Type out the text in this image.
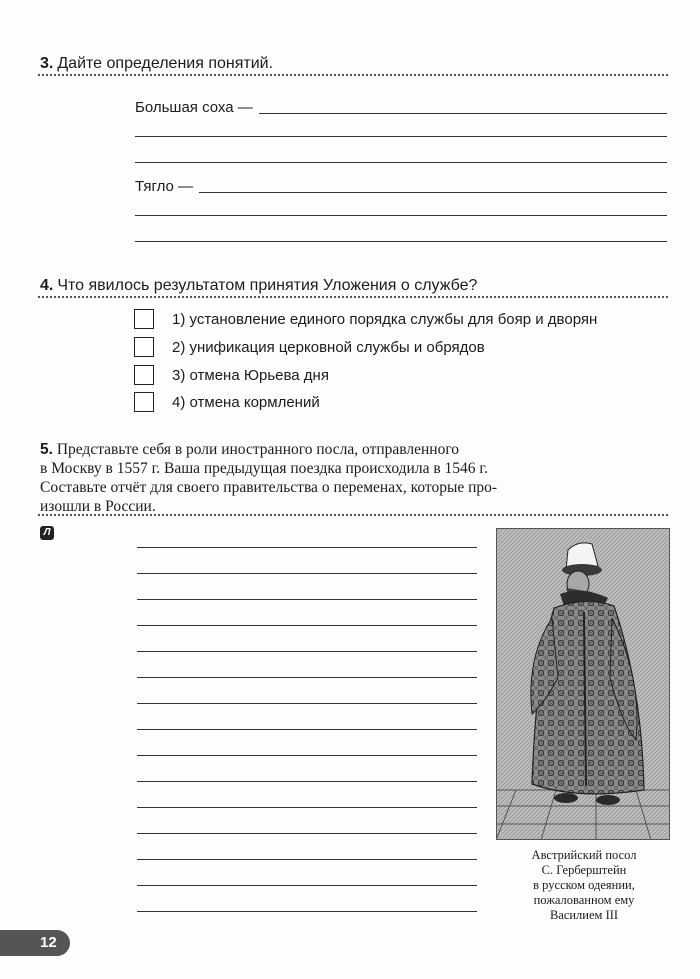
3. Дайте определения понятий.
Большая соха —
Тягло —
4. Что явилось результатом принятия Уложения о службе?
1) установление единого порядка службы для бояр и дворян
2) унификация церковной службы и обрядов
3) отмена Юрьева дня
4) отмена кормлений
5. Представьте себя в роли иностранного посла, отправленного
в Москву в 1557 г. Ваша предыдущая поездка происходила в 1546 г.
Составьте отчёт для своего правительства о переменах, которые про-
изошли в России.
Л
Австрийский посол
С. Герберштейн
в русском одеянии,
пожалованном ему
Василием III
12
